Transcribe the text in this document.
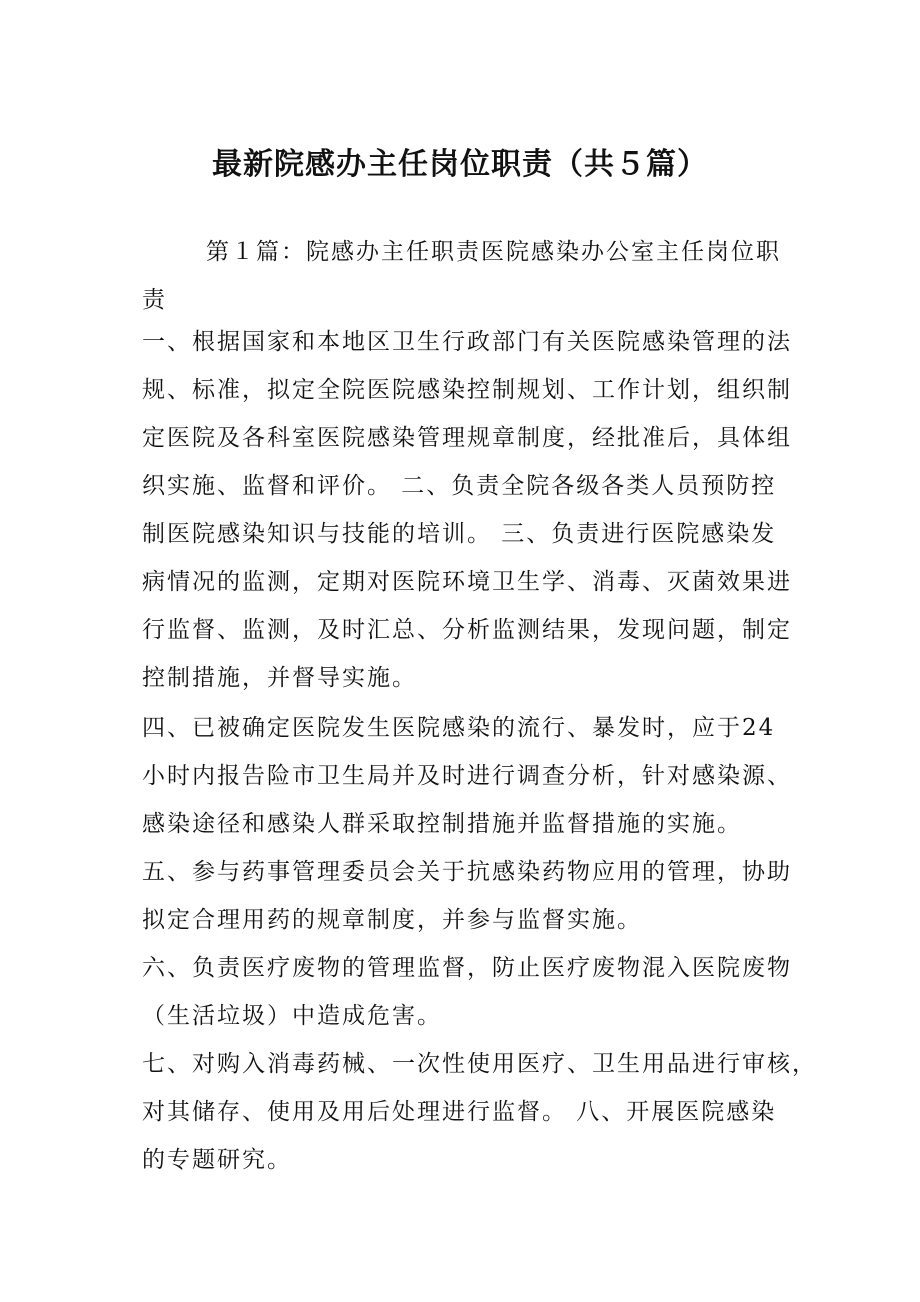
最新院感办主任岗位职责（共５篇）
第１篇：院感办主任职责医院感染办公室主任岗位职
责
一、根据国家和本地区卫生行政部门有关医院感染管理的法
规、标准，拟定全院医院感染控制规划、工作计划，组织制
定医院及各科室医院感染管理规章制度，经批准后，具体组
织实施、监督和评价。 二、负责全院各级各类人员预防控
制医院感染知识与技能的培训。 三、负责进行医院感染发
病情况的监测，定期对医院环境卫生学、消毒、灭菌效果进
行监督、监测，及时汇总、分析监测结果，发现问题，制定
控制措施，并督导实施。
四、已被确定医院发生医院感染的流行、暴发时，应于24
小时内报告险市卫生局并及时进行调查分析，针对感染源、
感染途径和感染人群采取控制措施并监督措施的实施。
五、参与药事管理委员会关于抗感染药物应用的管理，协助
拟定合理用药的规章制度，并参与监督实施。
六、负责医疗废物的管理监督，防止医疗废物混入医院废物
（生活垃圾）中造成危害。
七、对购入消毒药械、一次性使用医疗、卫生用品进行审核，
对其储存、使用及用后处理进行监督。 八、开展医院感染
的专题研究。
